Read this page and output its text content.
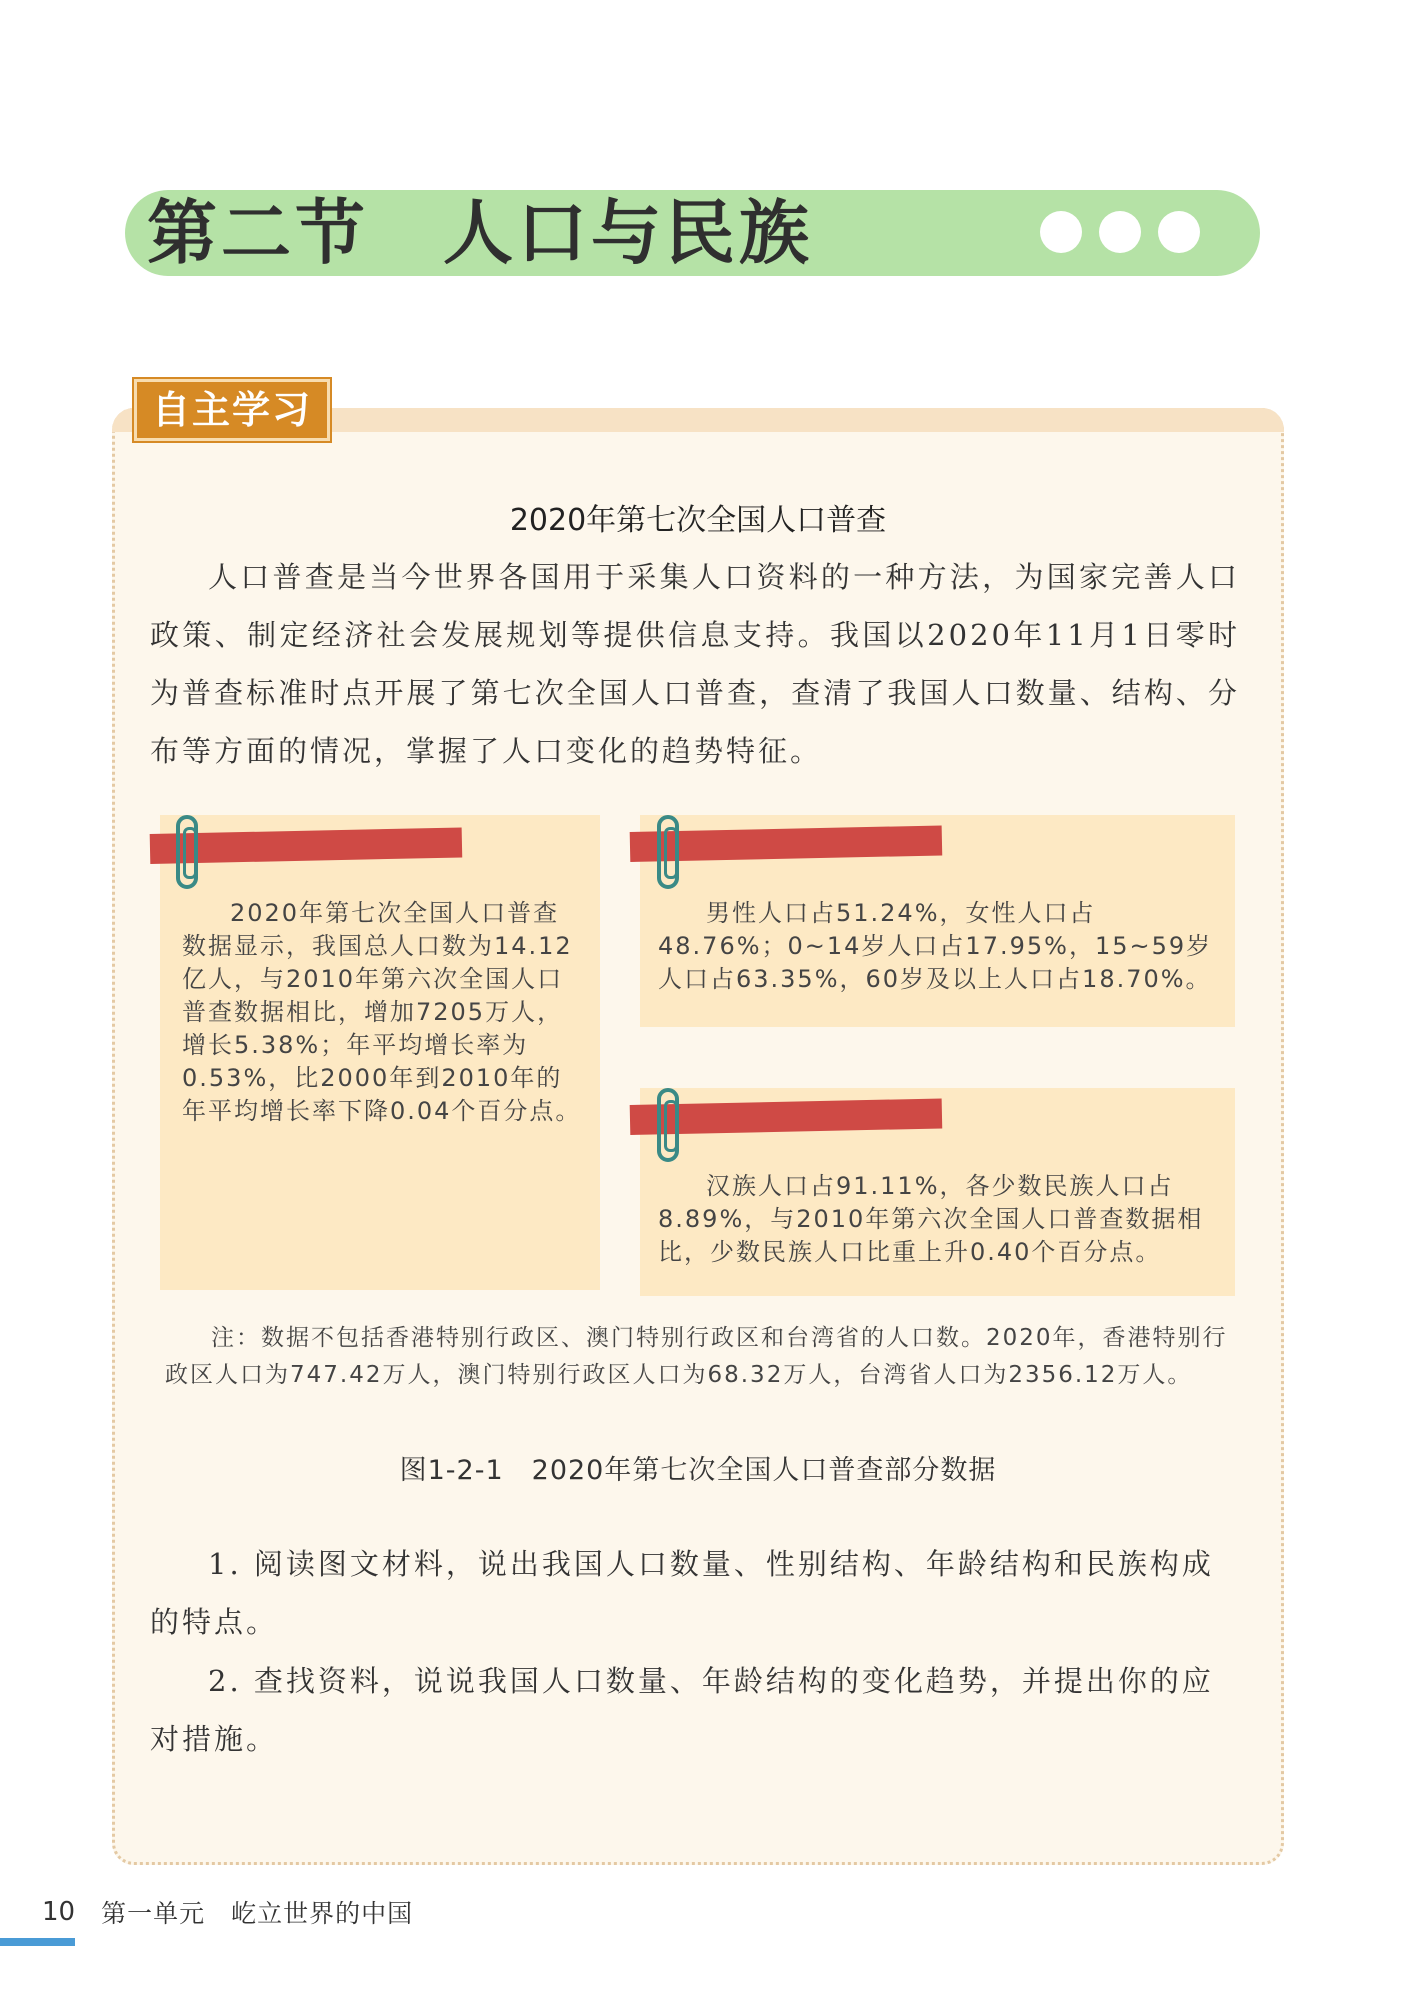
第二节　人口与民族
自主学习
2020年第七次全国人口普查

人口普查是当今世界各国用于采集人口资料的一种方法，为国家完善人口政策、制定经济社会发展规划等提供信息支持。我国以2020年11月1日零时为普查标准时点开展了第七次全国人口普查，查清了我国人口数量、结构、分布等方面的情况，掌握了人口变化的趋势特征。

2020年第七次全国人口普查数据显示，我国总人口数为14.12亿人，与2010年第六次全国人口普查数据相比，增加7205万人，增长5.38%；年平均增长率为0.53%，比2000年到2010年的年平均增长率下降0.04个百分点。

男性人口占51.24%，女性人口占48.76%；0~14岁人口占17.95%，15~59岁人口占63.35%，60岁及以上人口占18.70%。

汉族人口占91.11%，各少数民族人口占8.89%，与2010年第六次全国人口普查数据相比，少数民族人口比重上升0.40个百分点。

注：数据不包括香港特别行政区、澳门特别行政区和台湾省的人口数。2020年，香港特别行政区人口为747.42万人，澳门特别行政区人口为68.32万人，台湾省人口为2356.12万人。

图1-2-1　2020年第七次全国人口普查部分数据

1. 阅读图文材料，说出我国人口数量、性别结构、年龄结构和民族构成的特点。

2. 查找资料，说说我国人口数量、年龄结构的变化趋势，并提出你的应对措施。

10 第一单元　屹立世界的中国
